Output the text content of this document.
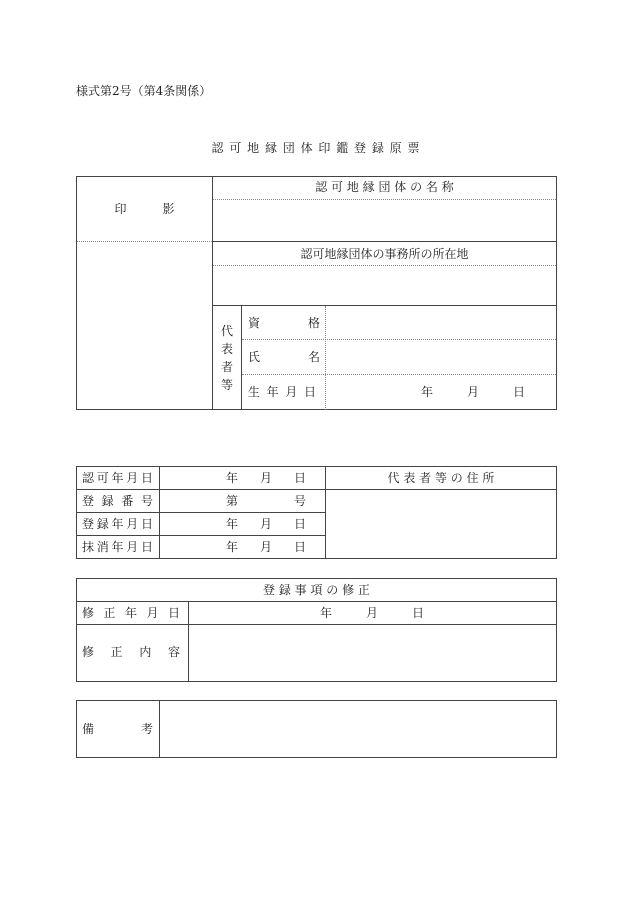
様式第2号（第4条関係）
認 可 地 縁 団 体 印 鑑 登 録 原 票
印　　　影
認 可 地 縁 団 体 の 名 称
認可地縁団体の事務所の所在地
代表者等
資	格
氏	名
生 年 月 日	年	月	日
認 可 年 月 日	年 月 日
登 録 番 号	第	号
登 録 年 月 日	年 月 日
抹 消 年 月 日	年 月 日
代 表 者 等 の 住 所
登 録 事 項 の 修 正
修 正 年 月 日	年	月	日
修 正 内 容
備	考
